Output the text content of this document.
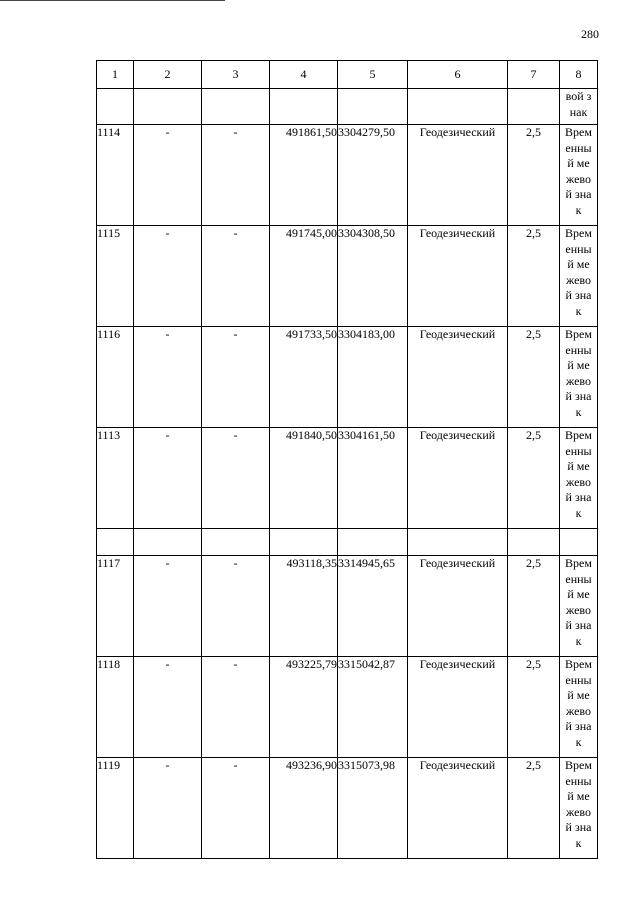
280
1	2	3	4	5	6	7	8

							вой знак

1114	-	-	491861,50	3304279,50	Геодезический	2,5	Временный межевой знак

1115	-	-	491745,00	3304308,50	Геодезический	2,5	Временный межевой знак

1116	-	-	491733,50	3304183,00	Геодезический	2,5	Временный межевой знак

1113	-	-	491840,50	3304161,50	Геодезический	2,5	Временный межевой знак

1117	-	-	493118,35	3314945,65	Геодезический	2,5	Временный межевой знак

1118	-	-	493225,79	3315042,87	Геодезический	2,5	Временный межевой знак

1119	-	-	493236,90	3315073,98	Геодезический	2,5	Временный межевой знак
